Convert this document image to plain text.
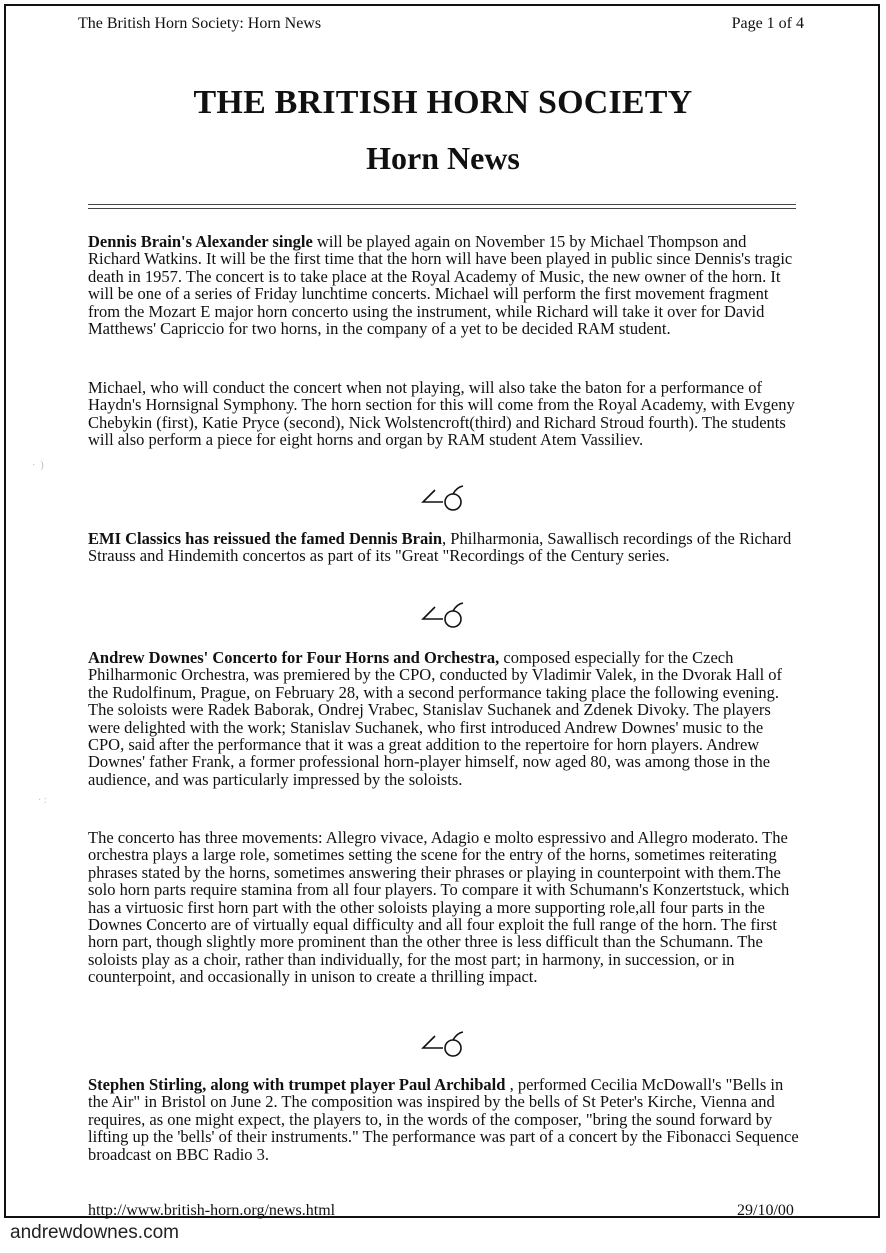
The British Horn Society: Horn News	Page 1 of 4
THE BRITISH HORN SOCIETY
Horn News

Dennis Brain's Alexander single will be played again on November 15 by Michael Thompson and Richard Watkins. It will be the first time that the horn will have been played in public since Dennis's tragic death in 1957. The concert is to take place at the Royal Academy of Music, the new owner of the horn. It will be one of a series of Friday lunchtime concerts. Michael will perform the first movement fragment from the Mozart E major horn concerto using the instrument, while Richard will take it over for David Matthews' Capriccio for two horns, in the company of a yet to be decided RAM student.

Michael, who will conduct the concert when not playing, will also take the baton for a performance of Haydn's Hornsignal Symphony. The horn section for this will come from the Royal Academy, with Evgeny Chebykin (first), Katie Pryce (second), Nick Wolstencroft(third) and Richard Stroud fourth). The students will also perform a piece for eight horns and organ by RAM student Atem Vassiliev.

EMI Classics has reissued the famed Dennis Brain, Philharmonia, Sawallisch recordings of the Richard Strauss and Hindemith concertos as part of its "Great "Recordings of the Century series.

Andrew Downes' Concerto for Four Horns and Orchestra, composed especially for the Czech Philharmonic Orchestra, was premiered by the CPO, conducted by Vladimir Valek, in the Dvorak Hall of the Rudolfinum, Prague, on February 28, with a second performance taking place the following evening. The soloists were Radek Baborak, Ondrej Vrabec, Stanislav Suchanek and Zdenek Divoky. The players were delighted with the work; Stanislav Suchanek, who first introduced Andrew Downes' music to the CPO, said after the performance that it was a great addition to the repertoire for horn players. Andrew Downes' father Frank, a former professional horn-player himself, now aged 80, was among those in the audience, and was particularly impressed by the soloists.

The concerto has three movements: Allegro vivace, Adagio e molto espressivo and Allegro moderato. The orchestra plays a large role, sometimes setting the scene for the entry of the horns, sometimes reiterating phrases stated by the horns, sometimes answering their phrases or playing in counterpoint with them.The solo horn parts require stamina from all four players. To compare it with Schumann's Konzertstuck, which has a virtuosic first horn part with the other soloists playing a more supporting role,all four parts in the Downes Concerto are of virtually equal difficulty and all four exploit the full range of the horn. The first horn part, though slightly more prominent than the other three is less difficult than the Schumann. The soloists play as a choir, rather than individually, for the most part; in harmony, in succession, or in counterpoint, and occasionally in unison to create a thrilling impact.

Stephen Stirling, along with trumpet player Paul Archibald , performed Cecilia McDowall's "Bells in the Air" in Bristol on June 2. The composition was inspired by the bells of St Peter's Kirche, Vienna and requires, as one might expect, the players to, in the words of the composer, "bring the sound forward by lifting up the 'bells' of their instruments." The performance was part of a concert by the Fibonacci Sequence broadcast on BBC Radio 3.

·  )
· :
http://www.british-horn.org/news.html	29/10/00
andrewdownes.com
